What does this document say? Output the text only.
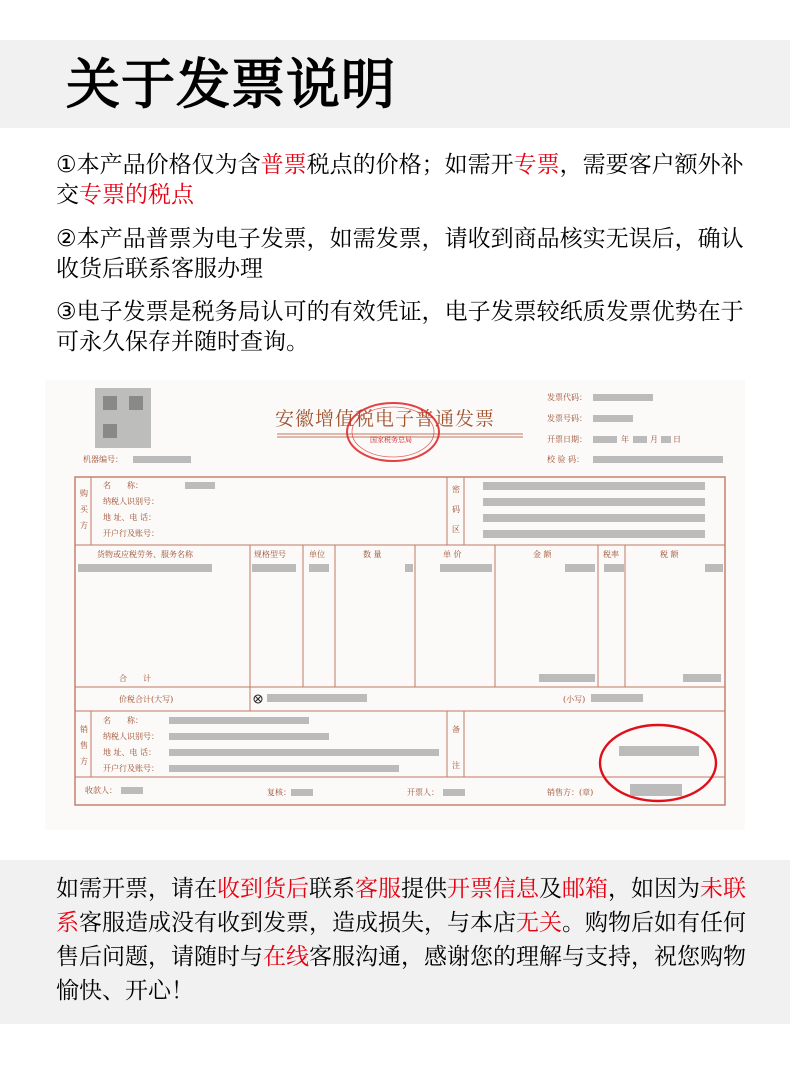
关于发票说明

①本产品价格仅为含普票税点的价格；如需开专票，需要客户额外补交专票的税点

②本产品普票为电子发票，如需发票，请收到商品核实无误后，确认收货后联系客服办理

③电子发票是税务局认可的有效凭证，电子发票较纸质发票优势在于可永久保存并随时查询。

安徽增值税电子普通发票
国家税务总局
发票代码：
发票号码：
开票日期：	年	月 日
校 验 码：
机器编号：
购
买
方
名　　称：
纳税人识别号：
地 址、电 话：
开户行及账号：
密
码
区
货物或应税劳务、服务名称	规格型号	单位	数 量	单 价	金 额	税率	税 额
合　　计
价税合计(大写)	(小写)
销
售
方
名　　称：
纳税人识别号：
地 址、电 话：
开户行及账号：
备
注
收款人：	复核：	开票人：	销售方：(章)

如需开票，请在收到货后联系客服提供开票信息及邮箱，如因为未联系客服造成没有收到发票，造成损失，与本店无关。购物后如有任何售后问题，请随时与在线客服沟通，感谢您的理解与支持，祝您购物愉快、开心！
